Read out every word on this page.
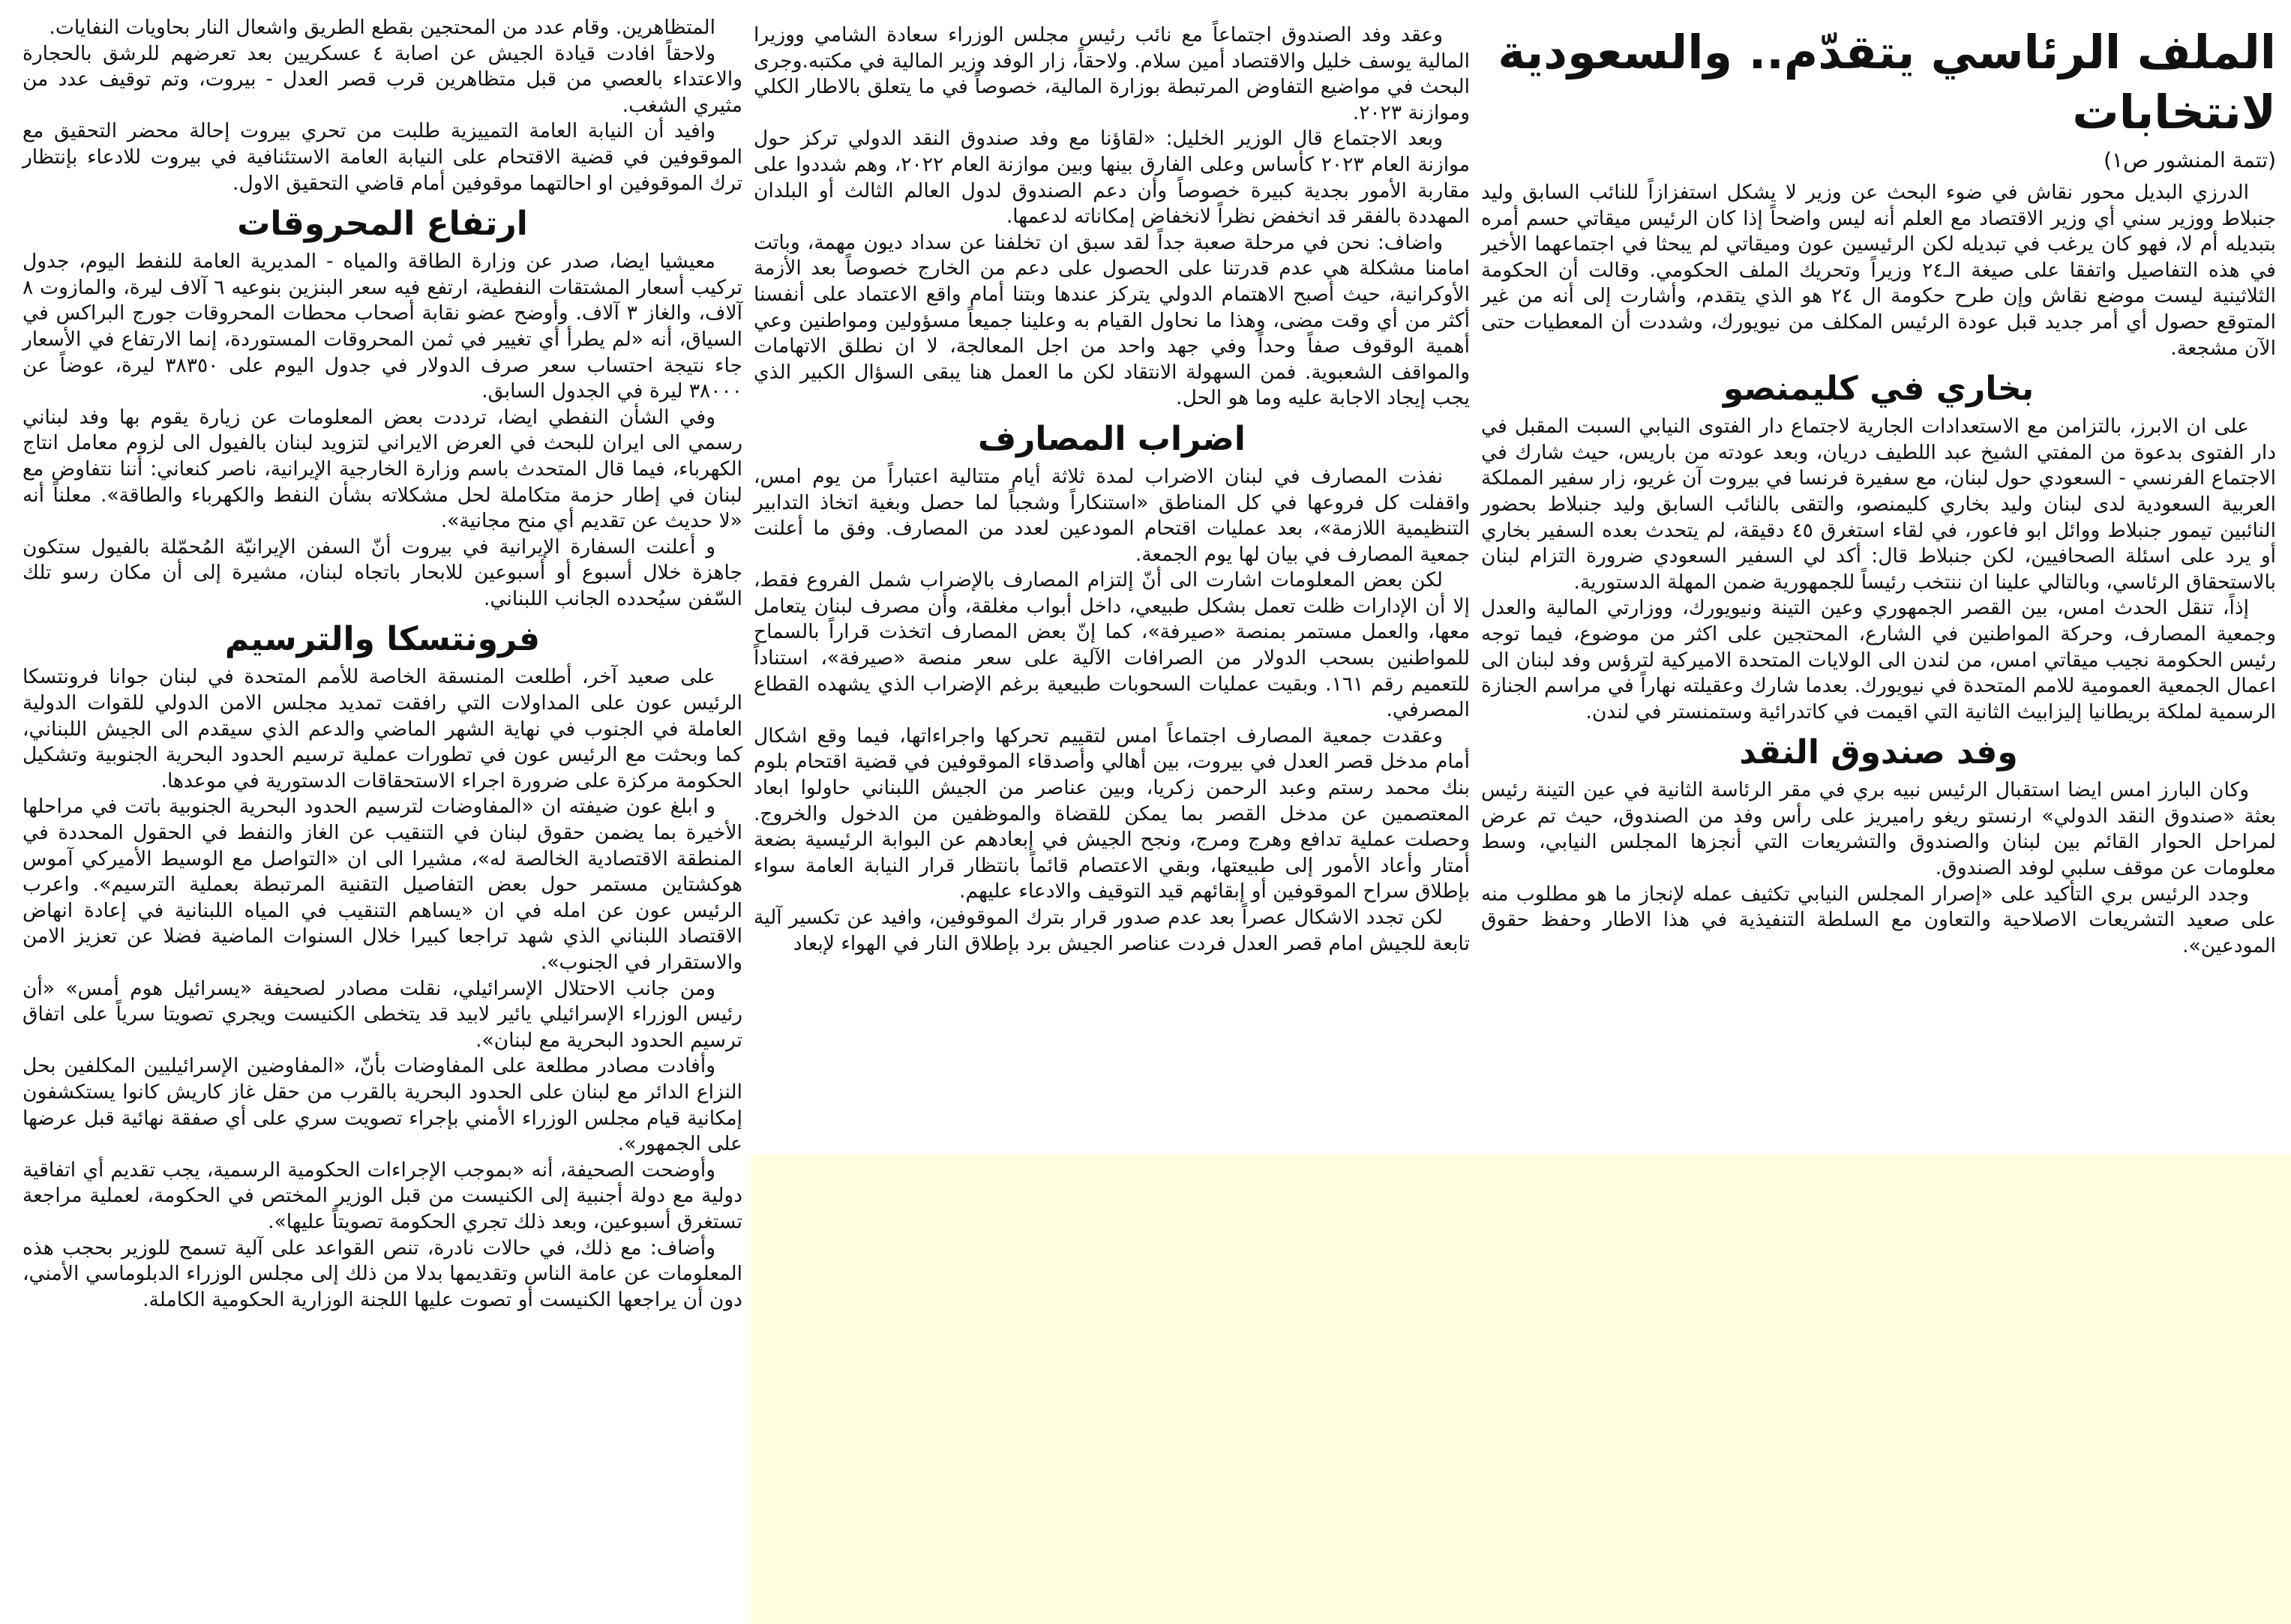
الملف الرئاسي يتقدّم.. والسعودية لانتخابات
(تتمة المنشور ص١)

الدرزي البديل محور نقاش في ضوء البحث عن وزير لا يشكل استفزازاً للنائب السابق وليد جنبلاط ووزير سني أي وزير الاقتصاد مع العلم أنه ليس واضحاً إذا كان الرئيس ميقاتي حسم أمره بتبديله أم لا، فهو كان يرغب في تبديله لكن الرئيسين عون وميقاتي لم يبحثا في اجتماعهما الأخير في هذه التفاصيل واتفقا على صيغة الـ٢٤ وزيراً وتحريك الملف الحكومي. وقالت أن الحكومة الثلاثينية ليست موضع نقاش وإن طرح حكومة ال ٢٤ هو الذي يتقدم، وأشارت إلى أنه من غير المتوقع حصول أي أمر جديد قبل عودة الرئيس المكلف من نيويورك، وشددت أن المعطيات حتى الآن مشجعة.

بخاري في كليمنصو

على ان الابرز، بالتزامن مع الاستعدادات الجارية لاجتماع دار الفتوى النيابي السبت المقبل في دار الفتوى بدعوة من المفتي الشيخ عبد اللطيف دريان، وبعد عودته من باريس، حيث شارك في الاجتماع الفرنسي - السعودي حول لبنان، مع سفيرة فرنسا في بيروت آن غريو، زار سفير المملكة العربية السعودية لدى لبنان وليد بخاري كليمنصو، والتقى بالنائب السابق وليد جنبلاط بحضور النائبين تيمور جنبلاط ووائل ابو فاعور، في لقاء استغرق ٤٥ دقيقة، لم يتحدث بعده السفير بخاري أو يرد على اسئلة الصحافيين، لكن جنبلاط قال: أكد لي السفير السعودي ضرورة التزام لبنان بالاستحقاق الرئاسي، وبالتالي علينا ان ننتخب رئيساً للجمهورية ضمن المهلة الدستورية.

إذاً، تنقل الحدث امس، بين القصر الجمهوري وعين التينة ونيويورك، ووزارتي المالية والعدل وجمعية المصارف، وحركة المواطنين في الشارع، المحتجين على اكثر من موضوع، فيما توجه رئيس الحكومة نجيب ميقاتي امس، من لندن الى الولايات المتحدة الاميركية لترؤس وفد لبنان الى اعمال الجمعية العمومية للامم المتحدة في نيويورك. بعدما شارك وعقيلته نهاراً في مراسم الجنازة الرسمية لملكة بريطانيا إليزابيث الثانية التي اقيمت في كاتدرائية وستمنستر في لندن.

وفد صندوق النقد

وكان البارز امس ايضا استقبال الرئيس نبيه بري في مقر الرئاسة الثانية في عين التينة رئيس بعثة «صندوق النقد الدولي» ارنستو ريغو راميريز على رأس وفد من الصندوق، حيث تم عرض لمراحل الحوار القائم بين لبنان والصندوق والتشريعات التي أنجزها المجلس النيابي، وسط معلومات عن موقف سلبي لوفد الصندوق.

وجدد الرئيس بري التأكيد على «إصرار المجلس النيابي تكثيف عمله لإنجاز ما هو مطلوب منه على صعيد التشريعات الاصلاحية والتعاون مع السلطة التنفيذية في هذا الاطار وحفظ حقوق المودعين».

وعقد وفد الصندوق اجتماعاً مع نائب رئيس مجلس الوزراء سعادة الشامي ووزيرا المالية يوسف خليل والاقتصاد أمين سلام. ولاحقاً، زار الوفد وزير المالية في مكتبه.وجرى البحث في مواضيع التفاوض المرتبطة بوزارة المالية، خصوصاً في ما يتعلق بالاطار الكلي وموازنة ٢٠٢٣.

وبعد الاجتماع قال الوزير الخليل: «لقاؤنا مع وفد صندوق النقد الدولي تركز حول موازنة العام ٢٠٢٣ كأساس وعلى الفارق بينها وبين موازنة العام ٢٠٢٢، وهم شددوا على مقاربة الأمور بجدية كبيرة خصوصاً وأن دعم الصندوق لدول العالم الثالث أو البلدان المهددة بالفقر قد انخفض نظراً لانخفاض إمكاناته لدعمها.

واضاف: نحن في مرحلة صعبة جداً لقد سبق ان تخلفنا عن سداد ديون مهمة، وباتت امامنا مشكلة هي عدم قدرتنا على الحصول على دعم من الخارج خصوصاً بعد الأزمة الأوكرانية، حيث أصبح الاهتمام الدولي يتركز عندها وبتنا أمام واقع الاعتماد على أنفسنا أكثر من أي وقت مضى، وهذا ما نحاول القيام به وعلينا جميعاً مسؤولين ومواطنين وعي أهمية الوقوف صفاً وحداً وفي جهد واحد من اجل المعالجة، لا ان نطلق الاتهامات والمواقف الشعبوية. فمن السهولة الانتقاد لكن ما العمل هنا يبقى السؤال الكبير الذي يجب إيجاد الاجابة عليه وما هو الحل.

اضراب المصارف

نفذت المصارف في لبنان الاضراب لمدة ثلاثة أيام متتالية اعتباراً من يوم امس، واقفلت كل فروعها في كل المناطق «استنكاراً وشجباً لما حصل وبغية اتخاذ التدابير التنظيمية اللازمة»، بعد عمليات اقتحام المودعين لعدد من المصارف. وفق ما أعلنت جمعية المصارف في بيان لها يوم الجمعة.

لكن بعض المعلومات اشارت الى أنّ إلتزام المصارف بالإضراب شمل الفروع فقط، إلا أن الإدارات ظلت تعمل بشكل طبيعي، داخل أبواب مغلقة، وأن مصرف لبنان يتعامل معها، والعمل مستمر بمنصة «صيرفة»، كما إنّ بعض المصارف اتخذت قراراً بالسماح للمواطنين بسحب الدولار من الصرافات الآلية على سعر منصة «صيرفة»، استناداً للتعميم رقم ١٦١. وبقيت عمليات السحوبات طبيعية برغم الإضراب الذي يشهده القطاع المصرفي.

وعقدت جمعية المصارف اجتماعاً امس لتقييم تحركها واجراءاتها، فيما وقع اشكال أمام مدخل قصر العدل في بيروت، بين أهالي وأصدقاء الموقوفين في قضية اقتحام بلوم بنك محمد رستم وعبد الرحمن زكريا، وبين عناصر من الجيش اللبناني حاولوا ابعاد المعتصمين عن مدخل القصر بما يمكن للقضاة والموظفين من الدخول والخروج. وحصلت عملية تدافع وهرج ومرج، ونجح الجيش في إبعادهم عن البوابة الرئيسية بضعة أمتار وأعاد الأمور إلى طبيعتها، وبقي الاعتصام قائماً بانتظار قرار النيابة العامة سواء بإطلاق سراح الموقوفين أو إبقائهم قيد التوقيف والادعاء عليهم.

لكن تجدد الاشكال عصراً بعد عدم صدور قرار بترك الموقوفين، وافيد عن تكسير آلية تابعة للجيش امام قصر العدل فردت عناصر الجيش برد بإطلاق النار في الهواء لإبعاد

المتظاهرين. وقام عدد من المحتجين بقطع الطريق واشعال النار بحاويات النفايات.

ولاحقاً افادت قيادة الجيش عن اصابة ٤ عسكريين بعد تعرضهم للرشق بالحجارة والاعتداء بالعصي من قبل متظاهرين قرب قصر العدل - بيروت، وتم توقيف عدد من مثيري الشغب.

وافيد أن النيابة العامة التمييزية طلبت من تحري بيروت إحالة محضر التحقيق مع الموقوفين في قضية الاقتحام على النيابة العامة الاستئنافية في بيروت للادعاء بإنتظار ترك الموقوفين او احالتهما موقوفين أمام قاضي التحقيق الاول.

ارتفاع المحروقات

معيشيا ايضا، صدر عن وزارة الطاقة والمياه - المديرية العامة للنفط اليوم، جدول تركيب أسعار المشتقات النفطية، ارتفع فيه سعر البنزين بنوعيه ٦ آلاف ليرة، والمازوت ٨ آلاف، والغاز ٣ آلاف. وأوضح عضو نقابة أصحاب محطات المحروقات جورج البراكس في السياق، أنه «لم يطرأ أي تغيير في ثمن المحروقات المستوردة، إنما الارتفاع في الأسعار جاء نتيجة احتساب سعر صرف الدولار في جدول اليوم على ٣٨٣٥٠ ليرة، عوضاً عن ٣٨٠٠٠ ليرة في الجدول السابق.

وفي الشأن النفطي ايضا، ترددت بعض المعلومات عن زيارة يقوم بها وفد لبناني رسمي الى ايران للبحث في العرض الايراني لتزويد لبنان بالفيول الى لزوم معامل انتاج الكهرباء، فيما قال المتحدث باسم وزارة الخارجية الإيرانية، ناصر كنعاني: أننا نتفاوض مع لبنان في إطار حزمة متكاملة لحل مشكلاته بشأن النفط والكهرباء والطاقة». معلناً أنه «لا حديث عن تقديم أي منح مجانية».

و أعلنت السفارة الإيرانية في بيروت أنّ السفن الإيرانيّة المُحمّلة بالفيول ستكون جاهزة خلال أسبوع أو أسبوعين للابحار باتجاه لبنان، مشيرة إلى أن مكان رسو تلك السّفن سيُحدده الجانب اللبناني.

فرونتسكا والترسيم

على صعيد آخر، أطلعت المنسقة الخاصة للأمم المتحدة في لبنان جوانا فرونتسكا الرئيس عون على المداولات التي رافقت تمديد مجلس الامن الدولي للقوات الدولية العاملة في الجنوب في نهاية الشهر الماضي والدعم الذي سيقدم الى الجيش اللبناني، كما وبحثت مع الرئيس عون في تطورات عملية ترسيم الحدود البحرية الجنوبية وتشكيل الحكومة مركزة على ضرورة اجراء الاستحقاقات الدستورية في موعدها.

و ابلغ عون ضيفته ان «المفاوضات لترسيم الحدود البحرية الجنوبية باتت في مراحلها الأخيرة بما يضمن حقوق لبنان في التنقيب عن الغاز والنفط في الحقول المحددة في المنطقة الاقتصادية الخالصة له»، مشيرا الى ان «التواصل مع الوسيط الأميركي آموس هوكشتاين مستمر حول بعض التفاصيل التقنية المرتبطة بعملية الترسيم». واعرب الرئيس عون عن امله في ان «يساهم التنقيب في المياه اللبنانية في إعادة انهاض الاقتصاد اللبناني الذي شهد تراجعا كبيرا خلال السنوات الماضية فضلا عن تعزيز الامن والاستقرار في الجنوب».

ومن جانب الاحتلال الإسرائيلي، نقلت مصادر لصحيفة «يسرائيل هوم أمس» «أن رئيس الوزراء الإسرائيلي يائير لابيد قد يتخطى الكنيست ويجري تصويتا سرياً على اتفاق ترسيم الحدود البحرية مع لبنان».

وأفادت مصادر مطلعة على المفاوضات بأنّ، «المفاوضين الإسرائيليين المكلفين بحل النزاع الدائر مع لبنان على الحدود البحرية بالقرب من حقل غاز كاريش كانوا يستكشفون إمكانية قيام مجلس الوزراء الأمني بإجراء تصويت سري على أي صفقة نهائية قبل عرضها على الجمهور».

وأوضحت الصحيفة، أنه «بموجب الإجراءات الحكومية الرسمية، يجب تقديم أي اتفاقية دولية مع دولة أجنبية إلى الكنيست من قبل الوزير المختص في الحكومة، لعملية مراجعة تستغرق أسبوعين، وبعد ذلك تجري الحكومة تصويتاً عليها».

وأضاف: مع ذلك، في حالات نادرة، تنص القواعد على آلية تسمح للوزير بحجب هذه المعلومات عن عامة الناس وتقديمها بدلا من ذلك إلى مجلس الوزراء الدبلوماسي الأمني، دون أن يراجعها الكنيست أو تصوت عليها اللجنة الوزارية الحكومية الكاملة.
